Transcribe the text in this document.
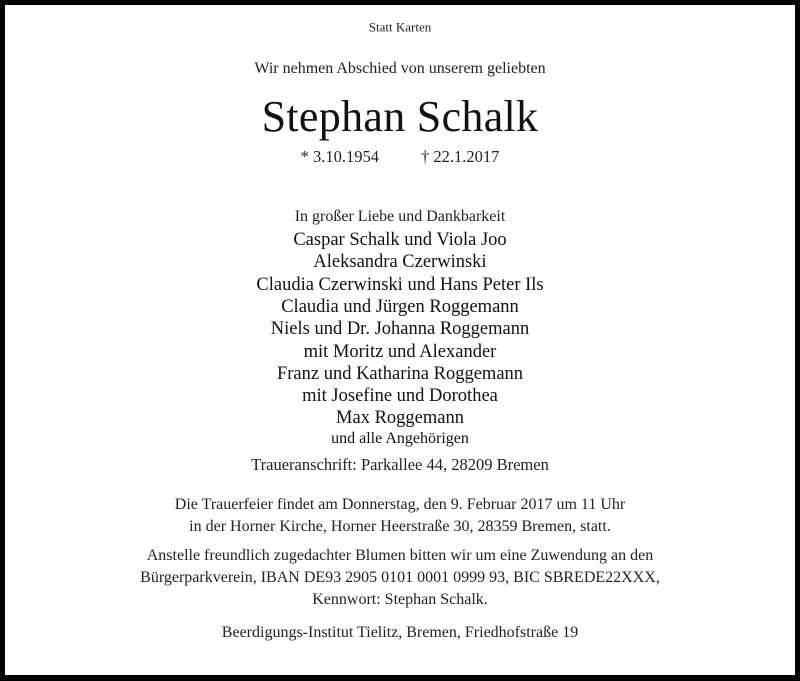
Statt Karten
Wir nehmen Abschied von unserem geliebten
Stephan Schalk
* 3.10.1954	† 22.1.2017
In großer Liebe und Dankbarkeit
Caspar Schalk und Viola Joo
Aleksandra Czerwinski
Claudia Czerwinski und Hans Peter Ils
Claudia und Jürgen Roggemann
Niels und Dr. Johanna Roggemann
mit Moritz und Alexander
Franz und Katharina Roggemann
mit Josefine und Dorothea
Max Roggemann
und alle Angehörigen
Traueranschrift: Parkallee 44, 28209 Bremen
Die Trauerfeier findet am Donnerstag, den 9. Februar 2017 um 11 Uhr
in der Horner Kirche, Horner Heerstraße 30, 28359 Bremen, statt.
Anstelle freundlich zugedachter Blumen bitten wir um eine Zuwendung an den
Bürgerparkverein, IBAN DE93 2905 0101 0001 0999 93, BIC SBREDE22XXX,
Kennwort: Stephan Schalk.
Beerdigungs-Institut Tielitz, Bremen, Friedhofstraße 19
